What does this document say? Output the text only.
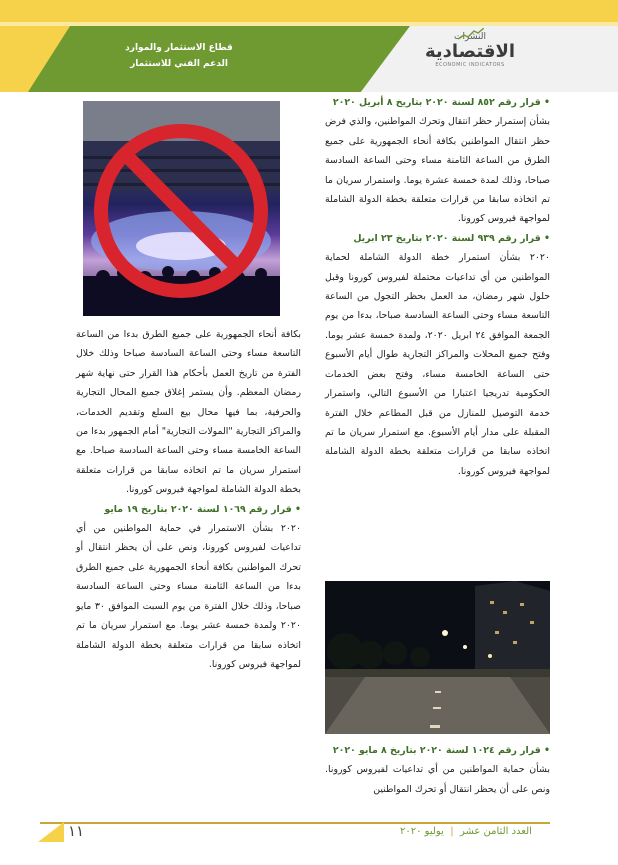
قطاع الاستثمار والموارد
الدعم الفني للاستثمار
النشرات
الاقتصادية
ECONOMIC INDICATORS

• قرار رقم ٨٥٢ لسنة ٢٠٢٠ بتاريخ ٨ أبريل ٢٠٢٠

بشأن إستمرار حظر انتقال وتحرك المواطنين، والذي فرض حظر انتقال المواطنين بكافة أنحاء الجمهورية على جميع الطرق من الساعة الثامنة مساء وحتى الساعة السادسة صباحا، وذلك لمدة خمسة عشرة يوما. واستمرار سريان ما تم اتخاذه سابقا من قرارات متعلقة بخطة الدولة الشاملة لمواجهة فيروس كورونا.

• قرار رقم ٩٣٩ لسنة ٢٠٢٠ بتاريخ ٢٣ ابريل

٢٠٢٠ بشأن استمرار خطة الدولة الشاملة لحماية المواطنين من أي تداعيات محتملة لفيروس كورونا وقبل حلول شهر رمضان، مد العمل بحظر التجول من الساعة التاسعة مساء وحتى الساعة السادسة صباحا، بدءا من يوم الجمعة الموافق ٢٤ ابريل ٢٠٢٠، ولمدة خمسة عشر يوما. وفتح جميع المحلات والمراكز التجارية طوال أيام الأسبوع حتى الساعة الخامسة مساء، وفتح بعض الخدمات الحكومية تدريجيا اعتبارا من الأسبوع التالي، واستمرار خدمة التوصيل للمنازل من قبل المطاعم خلال الفترة المقبلة على مدار أيام الأسبوع. مع استمرار سريان ما تم اتخاذه سابقا من قرارات متعلقة بخطة الدولة الشاملة لمواجهة فيروس كورونا.

بكافة أنحاء الجمهورية على جميع الطرق بدءا من الساعة التاسعة مساء وحتى الساعة السادسة صباحا وذلك خلال الفترة من تاريخ العمل بأحكام هذا القرار حتى نهاية شهر رمضان المعظم. وأن يستمر إغلاق جميع المحال التجارية والحرفية، بما فيها محال بيع السلع وتقديم الخدمات، والمراكز التجارية "المولات التجارية" أمام الجمهور بدءا من الساعة الخامسة مساء وحتى الساعة السادسة صباحا. مع استمرار سريان ما تم اتخاذه سابقا من قرارات متعلقة بخطة الدولة الشاملة لمواجهة فيروس كورونا.

• قرار رقم ١٠٦٩ لسنة ٢٠٢٠ بتاريخ ١٩ مايو

٢٠٢٠ بشأن الاستمرار في حماية المواطنين من أي تداعيات لفيروس كورونا، ونص على أن يحظر انتقال أو تحرك المواطنين بكافة أنحاء الجمهورية على جميع الطرق بدءا من الساعة الثامنة مساء وحتى الساعة السادسة صباحا، وذلك خلال الفترة من يوم السبت الموافق ٣٠ مايو ٢٠٢٠ ولمدة خمسة عشر يوما. مع استمرار سريان ما تم اتخاذه سابقا من قرارات متعلقة بخطة الدولة الشاملة لمواجهة فيروس كورونا.

• قرار رقم ١٠٢٤ لسنة ٢٠٢٠ بتاريخ ٨ مايو ٢٠٢٠

بشأن حماية المواطنين من أي تداعيات لفيروس كورونا. ونص على أن يحظر انتقال أو تحرك المواطنين

١١	العدد الثامن عشر  |  يوليو ٢٠٢٠
